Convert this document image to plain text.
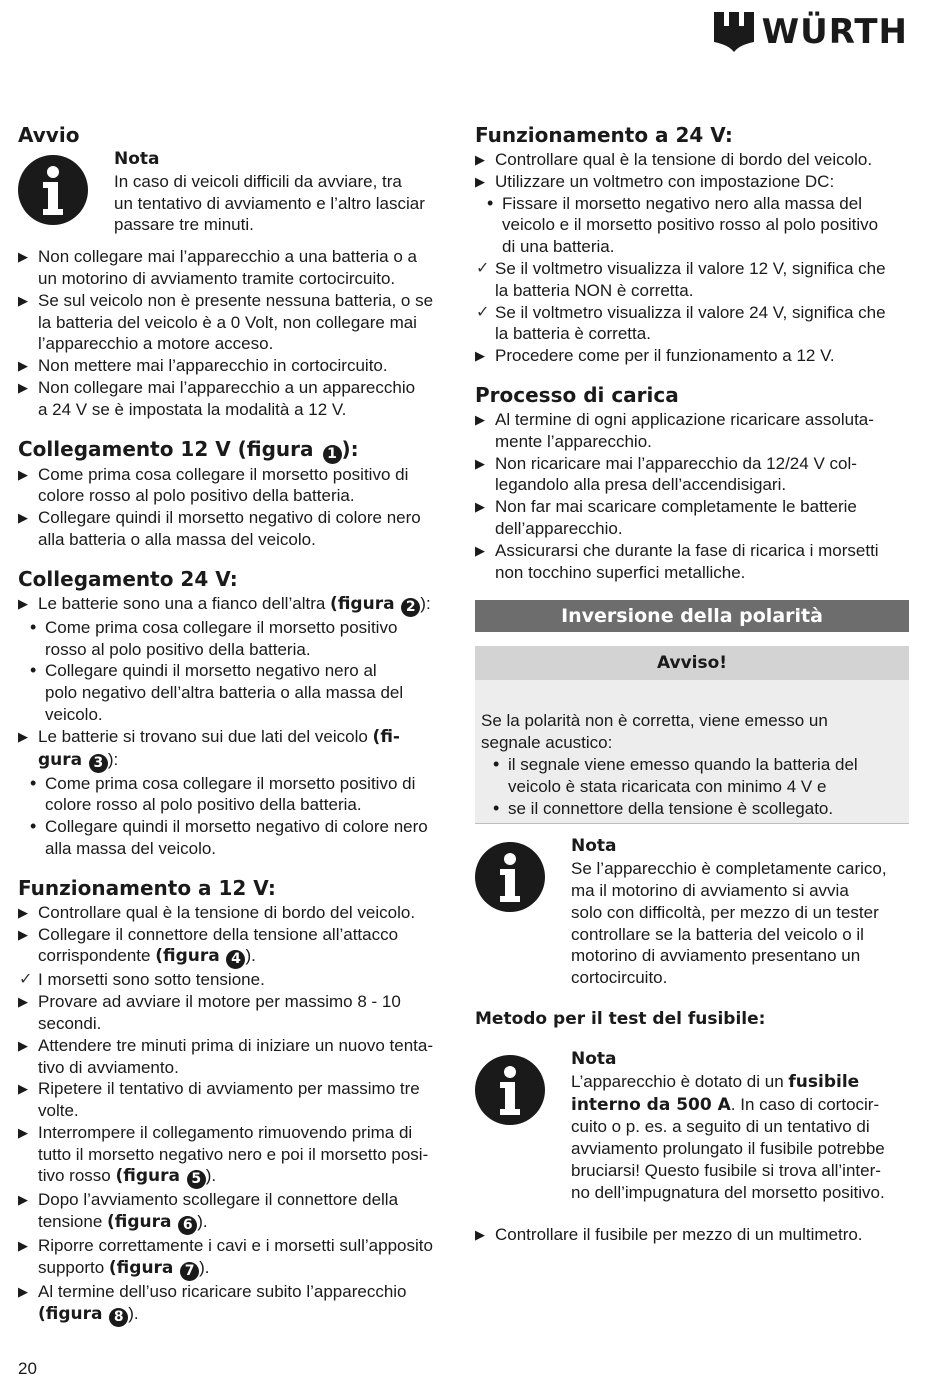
WÜRTH
Avvio
Nota
In caso di veicoli difficili da avviare, tra
un tentativo di avviamento e l’altro lasciar
passare tre minuti.
▶ Non collegare mai l’apparecchio a una batteria o a
un motorino di avviamento tramite cortocircuito.
▶ Se sul veicolo non è presente nessuna batteria, o se
la batteria del veicolo è a 0 Volt, non collegare mai
l’apparecchio a motore acceso.
▶ Non mettere mai l’apparecchio in cortocircuito.
▶ Non collegare mai l’apparecchio a un apparecchio
a 24 V se è impostata la modalità a 12 V.
Collegamento 12 V (figura 1 ):
▶ Come prima cosa collegare il morsetto positivo di
colore rosso al polo positivo della batteria.
▶ Collegare quindi il morsetto negativo di colore nero
alla batteria o alla massa del veicolo.
Collegamento 24 V:
▶ Le batterie sono una a fianco dell’altra (figura 2 ):
• Come prima cosa collegare il morsetto positivo
rosso al polo positivo della batteria.
• Collegare quindi il morsetto negativo nero al
polo negativo dell’altra batteria o alla massa del
veicolo.
▶ Le batterie si trovano sui due lati del veicolo (fi-
gura 3 ):
• Come prima cosa collegare il morsetto positivo di
colore rosso al polo positivo della batteria.
• Collegare quindi il morsetto negativo di colore nero
alla massa del veicolo.
Funzionamento a 12 V:
▶ Controllare qual è la tensione di bordo del veicolo.
▶ Collegare il connettore della tensione all’attacco
corrispondente (figura 4 ).
✓ I morsetti sono sotto tensione.
▶ Provare ad avviare il motore per massimo 8 - 10
secondi.
▶ Attendere tre minuti prima di iniziare un nuovo tenta-
tivo di avviamento.
▶ Ripetere il tentativo di avviamento per massimo tre
volte.
▶ Interrompere il collegamento rimuovendo prima di
tutto il morsetto negativo nero e poi il morsetto posi-
tivo rosso (figura 5 ).
▶ Dopo l’avviamento scollegare il connettore della
tensione (figura 6 ).
▶ Riporre correttamente i cavi e i morsetti sull’apposito
supporto (figura 7 ).
▶ Al termine dell’uso ricaricare subito l’apparecchio
(figura 8 ).
Funzionamento a 24 V:
▶ Controllare qual è la tensione di bordo del veicolo.
▶ Utilizzare un voltmetro con impostazione DC:
• Fissare il morsetto negativo nero alla massa del
veicolo e il morsetto positivo rosso al polo positivo
di una batteria.
✓ Se il voltmetro visualizza il valore 12 V, significa che
la batteria NON è corretta.
✓ Se il voltmetro visualizza il valore 24 V, significa che
la batteria è corretta.
▶ Procedere come per il funzionamento a 12 V.
Processo di carica
▶ Al termine di ogni applicazione ricaricare assoluta-
mente l’apparecchio.
▶ Non ricaricare mai l’apparecchio da 12/24 V col-
legandolo alla presa dell’accendisigari.
▶ Non far mai scaricare completamente le batterie
dell’apparecchio.
▶ Assicurarsi che durante la fase di ricarica i morsetti
non tocchino superfici metalliche.
Inversione della polarità
Avviso!
Se la polarità non è corretta, viene emesso un
segnale acustico:
• il segnale viene emesso quando la batteria del
veicolo è stata ricaricata con minimo 4 V e
• se il connettore della tensione è scollegato.
Nota
Se l’apparecchio è completamente carico,
ma il motorino di avviamento si avvia
solo con difficoltà, per mezzo di un tester
controllare se la batteria del veicolo o il
motorino di avviamento presentano un
cortocircuito.
Metodo per il test del fusibile:
Nota
L’apparecchio è dotato di un fusibile
interno da 500 A. In caso di cortocir-
cuito o p. es. a seguito di un tentativo di
avviamento prolungato il fusibile potrebbe
bruciarsi! Questo fusibile si trova all’inter-
no dell’impugnatura del morsetto positivo.
▶ Controllare il fusibile per mezzo di un multimetro.
20
